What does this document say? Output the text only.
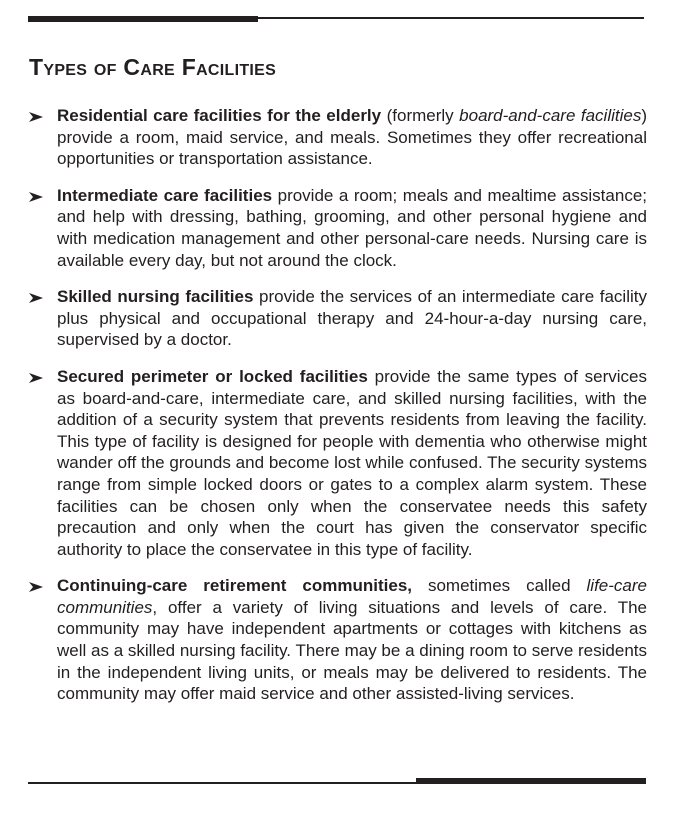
Types of Care Facilities
Residential care facilities for the elderly (formerly board-and-care facilities) provide a room, maid service, and meals. Sometimes they offer recreational opportunities or transportation assistance.
Intermediate care facilities provide a room; meals and mealtime assistance; and help with dressing, bathing, grooming, and other personal hygiene and with medication management and other personal-care needs. Nursing care is available every day, but not around the clock.
Skilled nursing facilities provide the services of an intermediate care facility plus physical and occupational therapy and 24-hour-a-day nursing care, supervised by a doctor.
Secured perimeter or locked facilities provide the same types of services as board-and-care, intermediate care, and skilled nursing facilities, with the addition of a security system that prevents residents from leaving the facility. This type of facility is designed for people with dementia who otherwise might wander off the grounds and become lost while confused. The security systems range from simple locked doors or gates to a complex alarm system. These facilities can be chosen only when the conservatee needs this safety precaution and only when the court has given the conservator specific authority to place the conservatee in this type of facility.
Continuing-care retirement communities, sometimes called life-care communities, offer a variety of living situations and levels of care. The community may have independent apartments or cottages with kitchens as well as a skilled nursing facility. There may be a dining room to serve residents in the independent living units, or meals may be delivered to residents. The community may offer maid service and other assisted-living services.
